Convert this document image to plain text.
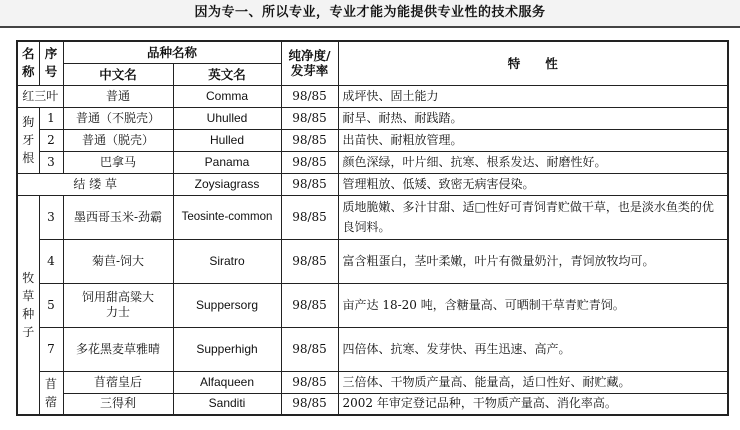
因为专一、所以专业，专业才能为能提供专业性的技术服务
名称	序号	品种名称		纯净度/发芽率	特　　性
		中文名	英文名		
红三叶		普通	Comma	98/85	成坪快、固土能力
狗牙根	1	普通（不脱壳）	Uhulled	98/85	耐旱、耐热、耐践踏。
	2	普通（脱壳）	Hulled	98/85	出苗快、耐粗放管理。
	3	巴拿马	Panama	98/85	颜色深绿，叶片细、抗寒、根系发达、耐磨性好。
结 缕 草			Zoysiagrass	98/85	管理粗放、低矮、致密无病害侵染。
牧草种子	3	墨西哥玉米-劲霸	Teosinte-common	98/85	质地脆嫩、多汁甘甜、适□性好可青饲青贮做干草，也是淡水鱼类的优良饲料。
	4	菊苣-饲大	Siratro	98/85	富含粗蛋白，茎叶柔嫩，叶片有微量奶汁，青饲放牧均可。
	5	饲用甜高粱大力士	Suppersorg	98/85	亩产达 18-20 吨，含糖量高、可晒制干草青贮青饲。
	7	多花黑麦草雅晴	Supperhigh	98/85	四倍体、抗寒、发芽快、再生迅速、高产。
	苜蓿	苜蓿皇后	Alfaqueen	98/85	三倍体、干物质产量高、能量高，适口性好、耐贮藏。
		三得利	Sanditi	98/85	2002 年审定登记品种，干物质产量高、消化率高。
